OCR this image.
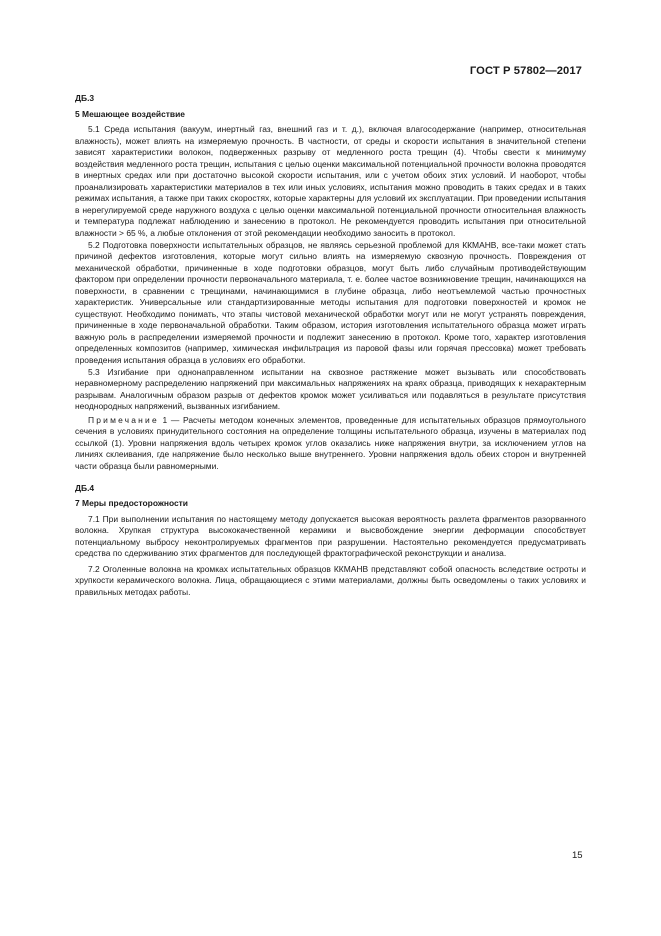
ГОСТ Р 57802—2017
ДБ.3
5 Мешающее воздействие

5.1 Среда испытания (вакуум, инертный газ, внешний газ и т. д.), включая влагосодержание (например, относительная влажность), может влиять на измеряемую прочность. В частности, от среды и скорости испытания в значительной степени зависят характеристики волокон, подверженных разрыву от медленного роста трещин (4). Чтобы свести к минимуму воздействия медленного роста трещин, испытания с целью оценки максимальной потенциальной прочности волокна проводятся в инертных средах или при достаточно высокой скорости испытания, или с учетом обоих этих условий. И наоборот, чтобы проанализировать характеристики материалов в тех или иных условиях, испытания можно проводить в таких средах и в таких режимах испытания, а также при таких скоростях, которые характерны для условий их эксплуатации. При проведении испытания в нерегулируемой среде наружного воздуха с целью оценки максимальной потенциальной прочности относительная влажность и температура подлежат наблюдению и занесению в протокол. Не рекомендуется проводить испытания при относительной влажности > 65 %, а любые отклонения от этой рекомендации необходимо заносить в протокол.

5.2 Подготовка поверхности испытательных образцов, не являясь серьезной проблемой для ККМАНВ, все-таки может стать причиной дефектов изготовления, которые могут сильно влиять на измеряемую сквозную прочность. Повреждения от механической обработки, причиненные в ходе подготовки образцов, могут быть либо случайным противодействующим фактором при определении прочности первоначального материала, т. е. более частое возникновение трещин, начинающихся на поверхности, в сравнении с трещинами, начинающимися в глубине образца, либо неотъемлемой частью прочностных характеристик. Универсальные или стандартизированные методы испытания для подготовки поверхностей и кромок не существуют. Необходимо понимать, что этапы чистовой механической обработки могут или не могут устранять повреждения, причиненные в ходе первоначальной обработки. Таким образом, история изготовления испытательного образца может играть важную роль в распределении измеряемой прочности и подлежит занесению в протокол. Кроме того, характер изготовления определенных композитов (например, химическая инфильтрация из паровой фазы или горячая прессовка) может требовать проведения испытания образца в условиях его обработки.

5.3 Изгибание при однонаправленном испытании на сквозное растяжение может вызывать или способствовать неравномерному распределению напряжений при максимальных напряжениях на краях образца, приводящих к нехарактерным разрывам. Аналогичным образом разрыв от дефектов кромок может усиливаться или подавляться в результате присутствия неоднородных напряжений, вызванных изгибанием.

Примечание 1 — Расчеты методом конечных элементов, проведенные для испытательных образцов прямоугольного сечения в условиях принудительного состояния на определение толщины испытательного образца, изучены в материалах под ссылкой (1). Уровни напряжения вдоль четырех кромок углов оказались ниже напряжения внутри, за исключением углов на линиях склеивания, где напряжение было несколько выше внутреннего. Уровни напряжения вдоль обеих сторон и внутренней части образца были равномерными.

ДБ.4
7 Меры предосторожности

7.1 При выполнении испытания по настоящему методу допускается высокая вероятность разлета фрагментов разорванного волокна. Хрупкая структура высококачественной керамики и высвобождение энергии деформации способствует потенциальному выбросу неконтролируемых фрагментов при разрушении. Настоятельно рекомендуется предусматривать средства по сдерживанию этих фрагментов для последующей фрактографической реконструкции и анализа.

7.2 Оголенные волокна на кромках испытательных образцов ККМАНВ представляют собой опасность вследствие остроты и хрупкости керамического волокна. Лица, обращающиеся с этими материалами, должны быть осведомлены о таких условиях и правильных методах работы.

15
